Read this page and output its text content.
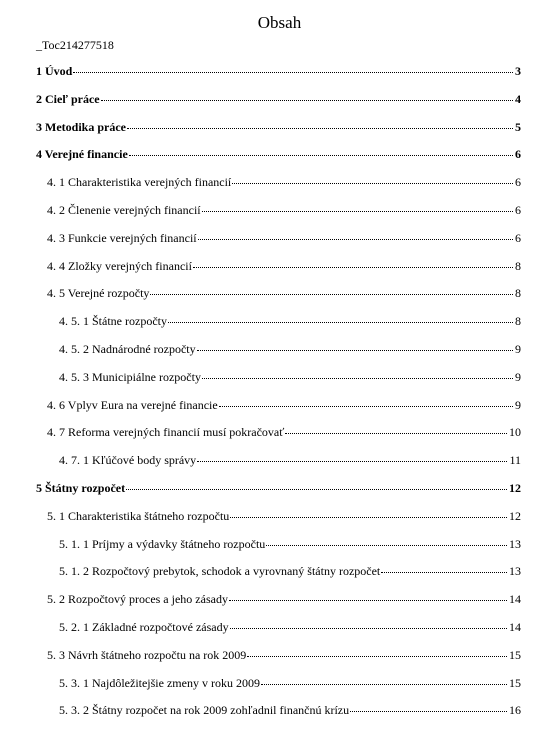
Obsah
_Toc214277518
1 Úvod	3
2 Cieľ práce	4
3 Metodika práce	5
4 Verejné financie	6
4. 1 Charakteristika verejných financií	6
4. 2 Členenie verejných financií	6
4. 3 Funkcie verejných financií	6
4. 4 Zložky verejných financií	8
4. 5 Verejné rozpočty	8
4. 5. 1 Štátne rozpočty	8
4. 5. 2 Nadnárodné rozpočty	9
4. 5. 3 Municipiálne rozpočty	9
4. 6 Vplyv Eura na verejné financie	9
4. 7 Reforma verejných financií musí pokračovať	10
4. 7. 1 Kľúčové body správy	11
5 Štátny rozpočet	12
5. 1 Charakteristika štátneho rozpočtu	12
5. 1. 1 Príjmy a výdavky štátneho rozpočtu	13
5. 1. 2 Rozpočtový prebytok, schodok a vyrovnaný štátny rozpočet	13
5. 2 Rozpočtový proces a jeho zásady	14
5. 2. 1 Základné rozpočtové zásady	14
5. 3 Návrh štátneho rozpočtu na rok 2009	15
5. 3. 1 Najdôležitejšie zmeny v roku 2009	15
5. 3. 2 Štátny rozpočet na rok 2009 zohľadnil finančnú krízu	16
